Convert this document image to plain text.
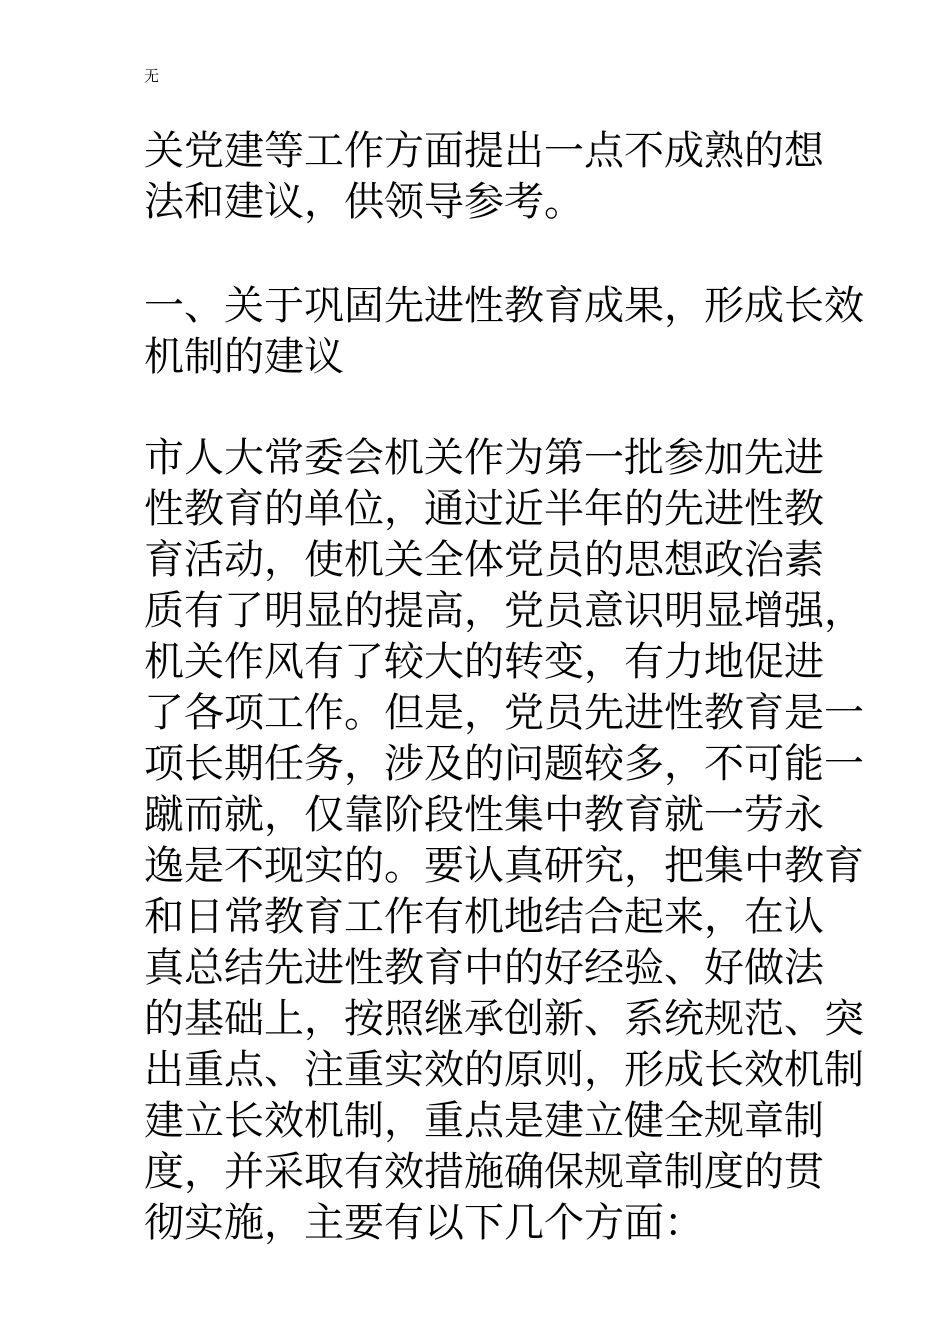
无
关党建等工作方面提出一点不成熟的想
法和建议，供领导参考。
一、关于巩固先进性教育成果，形成长效
机制的建议
市人大常委会机关作为第一批参加先进
性教育的单位，通过近半年的先进性教
育活动，使机关全体党员的思想政治素
质有了明显的提高，党员意识明显增强，
机关作风有了较大的转变，有力地促进
了各项工作。但是，党员先进性教育是一
项长期任务，涉及的问题较多，不可能一
蹴而就，仅靠阶段性集中教育就一劳永
逸是不现实的。要认真研究，把集中教育
和日常教育工作有机地结合起来，在认
真总结先进性教育中的好经验、好做法
的基础上，按照继承创新、系统规范、突
出重点、注重实效的原则，形成长效机制
建立长效机制，重点是建立健全规章制
度，并采取有效措施确保规章制度的贯
彻实施，主要有以下几个方面：
